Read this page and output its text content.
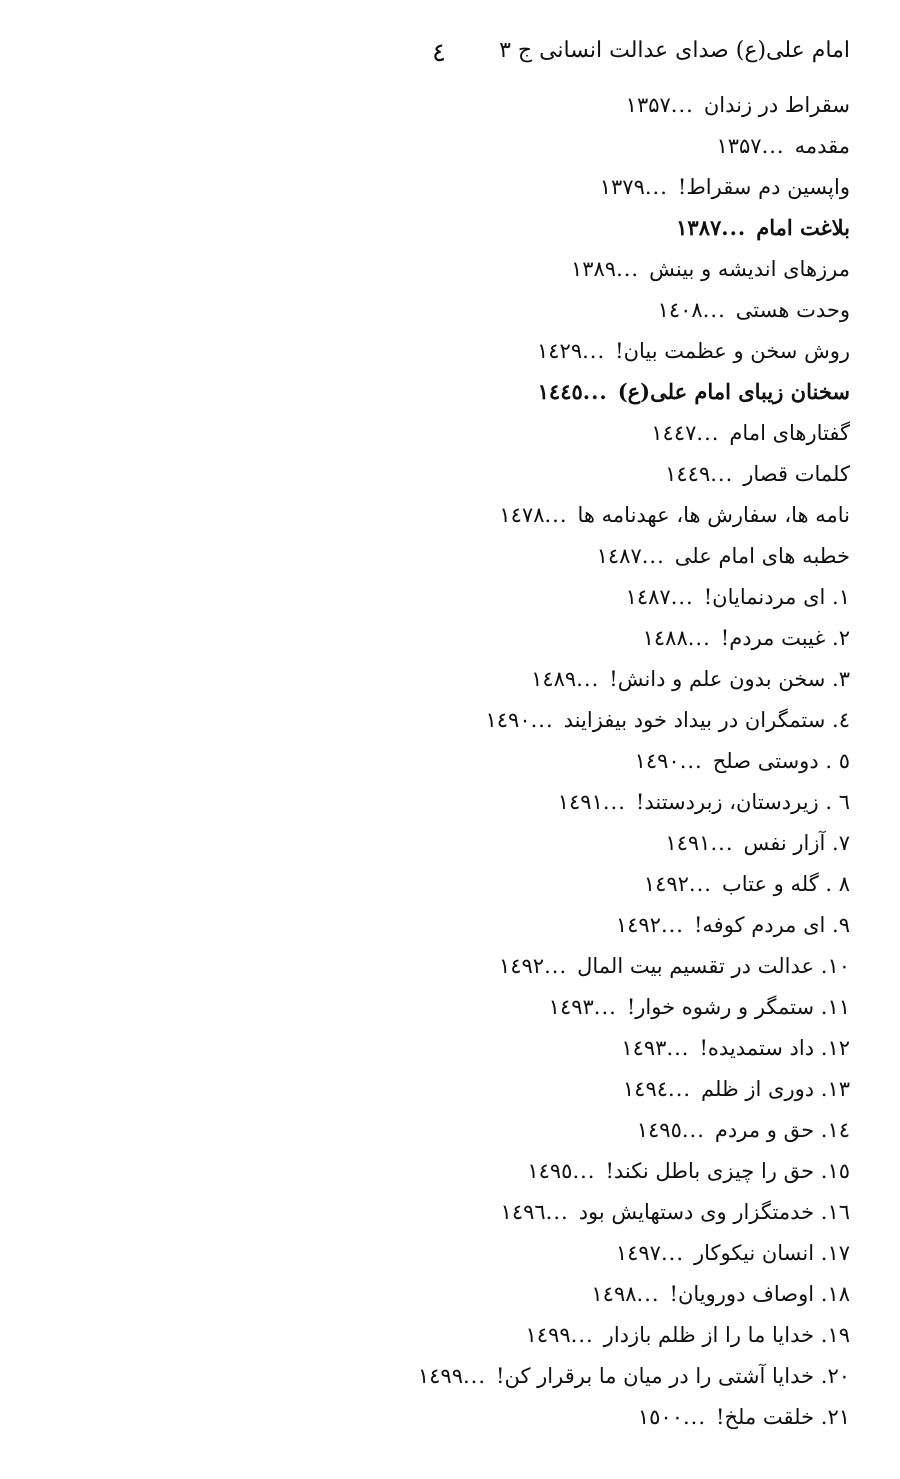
امام علی(ع) صدای عدالت انسانی ج ۳
٤
سقراط در زندان...۱۳۵۷
مقدمه...۱۳۵۷
واپسین دم سقراط!...۱۳۷۹
بلاغت امام...۱۳۸۷
مرزهای اندیشه و بینش...۱۳۸۹
وحدت هستی...۱٤۰۸
روش سخن و عظمت بیان!...۱٤۲۹
سخنان زیبای امام علی(ع)...۱٤٤٥
گفتارهای امام...۱٤٤۷
کلمات قصار...۱٤٤۹
نامه ها، سفارش ها، عهدنامه ها...۱٤۷۸
خطبه های امام علی...۱٤۸۷
۱. ای مردنمایان!...۱٤۸۷
۲. غیبت مردم!...۱٤۸۸
۳. سخن بدون علم و دانش!...۱٤۸۹
٤. ستمگران در بیداد خود بیفزایند...۱٤۹۰
٥ . دوستی صلح...۱٤۹۰
٦ . زیردستان، زبردستند!...۱٤۹۱
۷. آزار نفس...۱٤۹۱
۸ . گله و عتاب...۱٤۹۲
۹. ای مردم کوفه!...۱٤۹۲
۱۰. عدالت در تقسیم بیت المال...۱٤۹۲
۱۱. ستمگر و رشوه خوار!...۱٤۹۳
۱۲. داد ستمدیده!...۱٤۹۳
۱۳. دوری از ظلم...۱٤۹٤
۱٤. حق و مردم...۱٤۹٥
۱٥. حق را چیزی باطل نکند!...۱٤۹٥
۱٦. خدمتگزار وی دستهایش بود...۱٤۹٦
۱۷. انسان نیکوکار...۱٤۹۷
۱۸. اوصاف دورویان!...۱٤۹۸
۱۹. خدایا ما را از ظلم بازدار...۱٤۹۹
۲۰. خدایا آشتی را در میان ما برقرار کن!...۱٤۹۹
۲۱. خلقت ملخ!...۱٥۰۰
